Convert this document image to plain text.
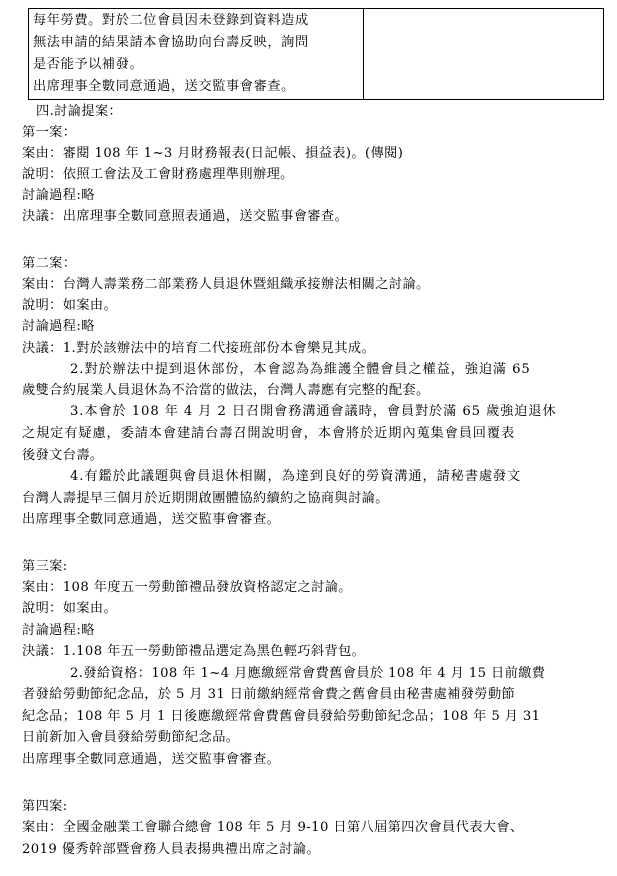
每年勞費。對於二位會員因未登錄到資料造成
無法申請的結果請本會協助向台壽反映，詢問
是否能予以補發。
出席理事全數同意通過，送交監事會審查。

四.討論提案：
第一案：
案由：審閱 108 年 1~3 月財務報表(日記帳、損益表)。(傳閱)
說明：依照工會法及工會財務處理準則辦理。
討論過程:略
決議：出席理事全數同意照表通過，送交監事會審查。
第二案：
案由：台灣人壽業務二部業務人員退休暨組織承接辦法相關之討論。
說明：如案由。
討論過程:略
決議：1.對於該辦法中的培育二代接班部份本會樂見其成。
2.對於辦法中提到退休部份，本會認為為維護全體會員之權益，強迫滿 65
歲雙合約展業人員退休為不洽當的做法，台灣人壽應有完整的配套。
3.本會於 108 年 4 月 2 日召開會務溝通會議時，會員對於滿 65 歲強迫退休
之規定有疑慮，委請本會建請台壽召開說明會，本會將於近期內蒐集會員回覆表
後發文台壽。
4.有鑑於此議題與會員退休相關，為達到良好的勞資溝通，請秘書處發文
台灣人壽提早三個月於近期開啟團體協約續約之協商與討論。
出席理事全數同意通過，送交監事會審查。
第三案:
案由：108 年度五一勞動節禮品發放資格認定之討論。
說明：如案由。
討論過程:略
決議：1.108 年五一勞動節禮品選定為黑色輕巧斜背包。
2.發給資格：108 年 1~4 月應繳經常會費舊會員於 108 年 4 月 15 日前繳費
者發給勞動節紀念品，於 5 月 31 日前繳納經常會費之舊會員由秘書處補發勞動節
紀念品；108 年 5 月 1 日後應繳經常會費舊會員發給勞動節紀念品；108 年 5 月 31
日前新加入會員發給勞動節紀念品。
出席理事全數同意通過，送交監事會審查。
第四案:
案由：全國金融業工會聯合總會 108 年 5 月 9-10 日第八屆第四次會員代表大會、
2019 優秀幹部暨會務人員表揚典禮出席之討論。
